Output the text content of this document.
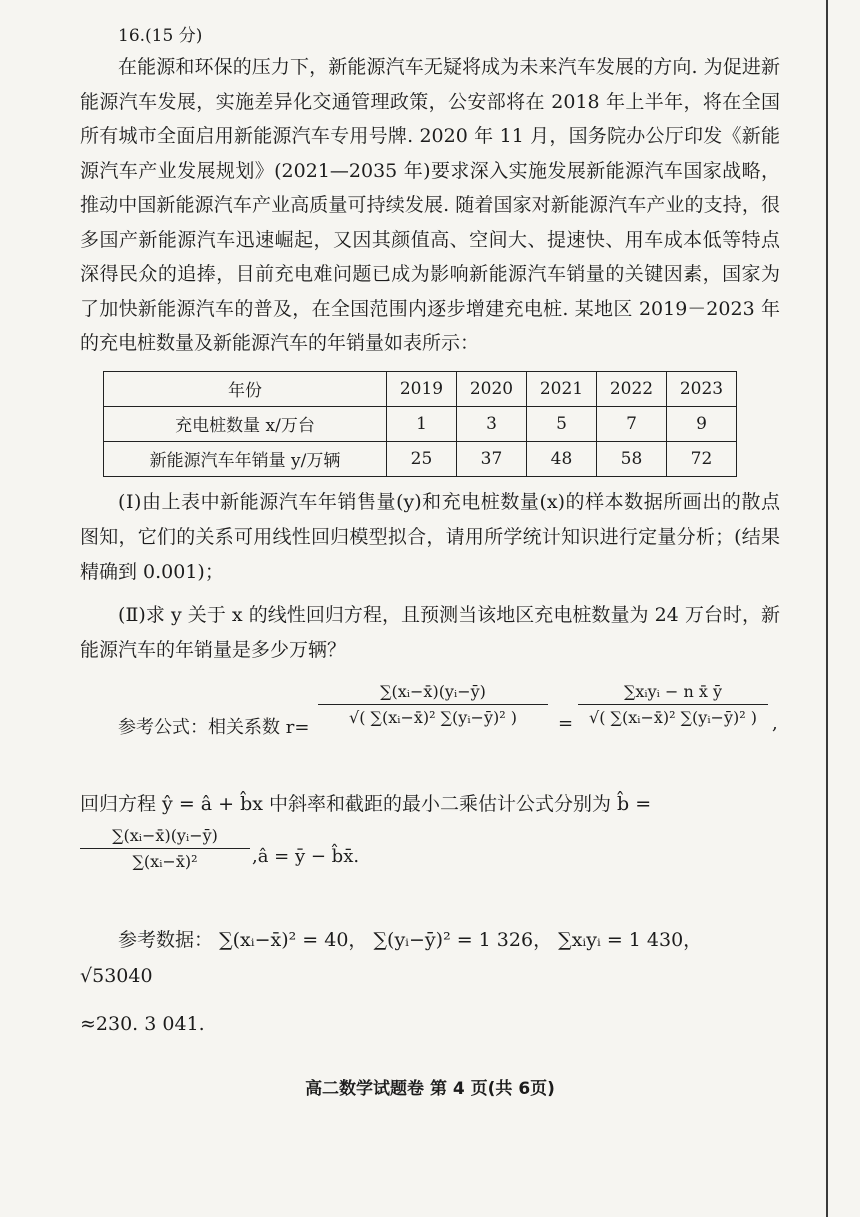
16.(15 分)

在能源和环保的压力下，新能源汽车无疑将成为未来汽车发展的方向. 为促进新能源汽车发展，实施差异化交通管理政策，公安部将在 2018 年上半年，将在全国所有城市全面启用新能源汽车专用号牌. 2020 年 11 月，国务院办公厅印发《新能源汽车产业发展规划》(2021—2035 年)要求深入实施发展新能源汽车国家战略，推动中国新能源汽车产业高质量可持续发展. 随着国家对新能源汽车产业的支持，很多国产新能源汽车迅速崛起，又因其颜值高、空间大、提速快、用车成本低等特点深得民众的追捧，目前充电难问题已成为影响新能源汽车销量的关键因素，国家为了加快新能源汽车的普及，在全国范围内逐步增建充电桩. 某地区 2019－2023 年的充电桩数量及新能源汽车的年销量如表所示：

年份	2019	2020	2021	2022	2023
充电桩数量 x/万台	1	3	5	7	9
新能源汽车年销量 y/万辆	25	37	48	58	72

(Ⅰ)由上表中新能源汽车年销售量(y)和充电桩数量(x)的样本数据所画出的散点图知，它们的关系可用线性回归模型拟合，请用所学统计知识进行定量分析；(结果精确到 0.001)；

(Ⅱ)求 y 关于 x 的线性回归方程，且预测当该地区充电桩数量为 24 万台时，新能源汽车的年销量是多少万辆？

参考公式：相关系数 r=
∑(xᵢ−x̄)(yᵢ−ȳ)
√( ∑(xᵢ−x̄)² ∑(yᵢ−ȳ)² )	=
∑xᵢyᵢ − n x̄ ȳ
√( ∑(xᵢ−x̄)² ∑(yᵢ−ȳ)² ) ,
回归方程 ŷ = â + b̂x 中斜率和截距的最小二乘估计公式分别为 b̂ =
∑(xᵢ−x̄)(yᵢ−ȳ)
∑(xᵢ−x̄)²	,â = ȳ − b̂x̄.
参考数据： ∑(xᵢ−x̄)² = 40， ∑(yᵢ−ȳ)² = 1 326， ∑xᵢyᵢ = 1 430， √53040
≈230. 3 041.
高二数学试题卷 第 4 页(共 6页)
